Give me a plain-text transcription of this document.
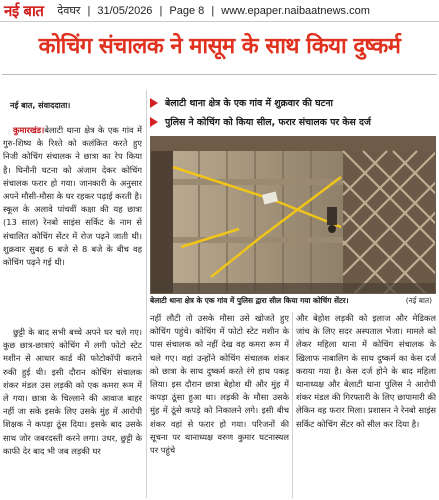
नई बात देवघर | 31/05/2026 | Page 8 | www.epaper.naibaatnews.com
कोचिंग संचालक ने मासूम के साथ किया दुष्कर्म
नई बात, संवाददाता।	बेलाटी थाना क्षेत्र के एक गांव में शुक्रवार की घटना
पुलिस ने कोचिंग को किया सील, फरार संचालक पर केस दर्ज
बेलाटी थाना क्षेत्र के एक गांव में पुलिस द्वारा सील किया गया कोचिंग सेंटर।	(नई बात)

कुमारखंड।बेलाटी थाना क्षेत्र के एक गांव में गुरु-शिष्य के रिश्ते को कलंकित करते हुए निजी कोचिंग संचालक ने छात्रा का रेप किया है। घिनौनी घटना को अंजाम देकर कोचिंग संचालक फरार हो गया। जानकारी के अनुसार अपने मौसी-मौसा के घर रहकर पढ़ाई करती है। स्कूल के अलावे पांचवीं कक्षा की यह छात्रा (13 साल) रेनबो साइंस सर्किट के नाम से संचालित कोचिंग सेंटर में रोज पढ़ने जाती थी। शुक्रवार सुबह 6 बजे से 8 बजे के बीच वह कोचिंग पढ़ने गई थी।

छुट्टी के बाद सभी बच्चे अपने घर चले गए। कुछ छात्र-छात्राएं कोचिंग में लगी फोटो स्टेट मशीन से आधार कार्ड की फोटोकॉपी कराने रुकी हुई थी। इसी दौरान कोचिंग संचालक शंकर मंडल उस लड़की को एक कमरा रूम में ले गया। छात्रा के चिल्लाने की आवाज बाहर नहीं जा सके इसके लिए उसके मुंह में आरोपी शिक्षक ने कपड़ा ठूंस दिया। इसके बाद उसके साथ जोर जबरदस्ती करने लगा। उधर, छुट्टी के काफी देर बाद भी जब लड़की घर

नहीं लौटी तो उसके मौसा उसे खोजते हुए कोचिंग पहुंचे। कोचिंग में फोटो स्टेट मशीन के पास संचालक को नहीं देख वह कमरा रूम में चले गए। वहां उन्होंने कोचिंग संचालक शंकर को छात्रा के साथ दुष्कर्म करते रंगे हाथ पकड़ लिया। इस दौरान छात्रा बेहोश थी और मुंह में कपड़ा ठूंसा हुआ था। लड़की के मौसा उसके मुंह में ठूंसे कपड़े को निकालने लगे। इसी बीच शंकर वहां से फरार हो गया। परिजनों की सूचना पर थानाध्यक्ष वरुण कुमार घटनास्थल पर पहुंचे

और बेहोश लड़की को इलाज और मेडिकल जांच के लिए सदर अस्पताल भेजा। मामले को लेकर महिला थाना में कोचिंग संचालक के खिलाफ नाबालिग के साथ दुष्कर्म का केस दर्ज कराया गया है। केस दर्ज होने के बाद महिला थानाध्यक्ष और बेलाटी थाना पुलिस ने आरोपी शंकर मंडल की गिरफ्तारी के लिए छापामारी की लेकिन वह फरार मिला। प्रशासन ने रेनबो साइंस सर्किट कोचिंग सेंटर को सील कर दिया है।
